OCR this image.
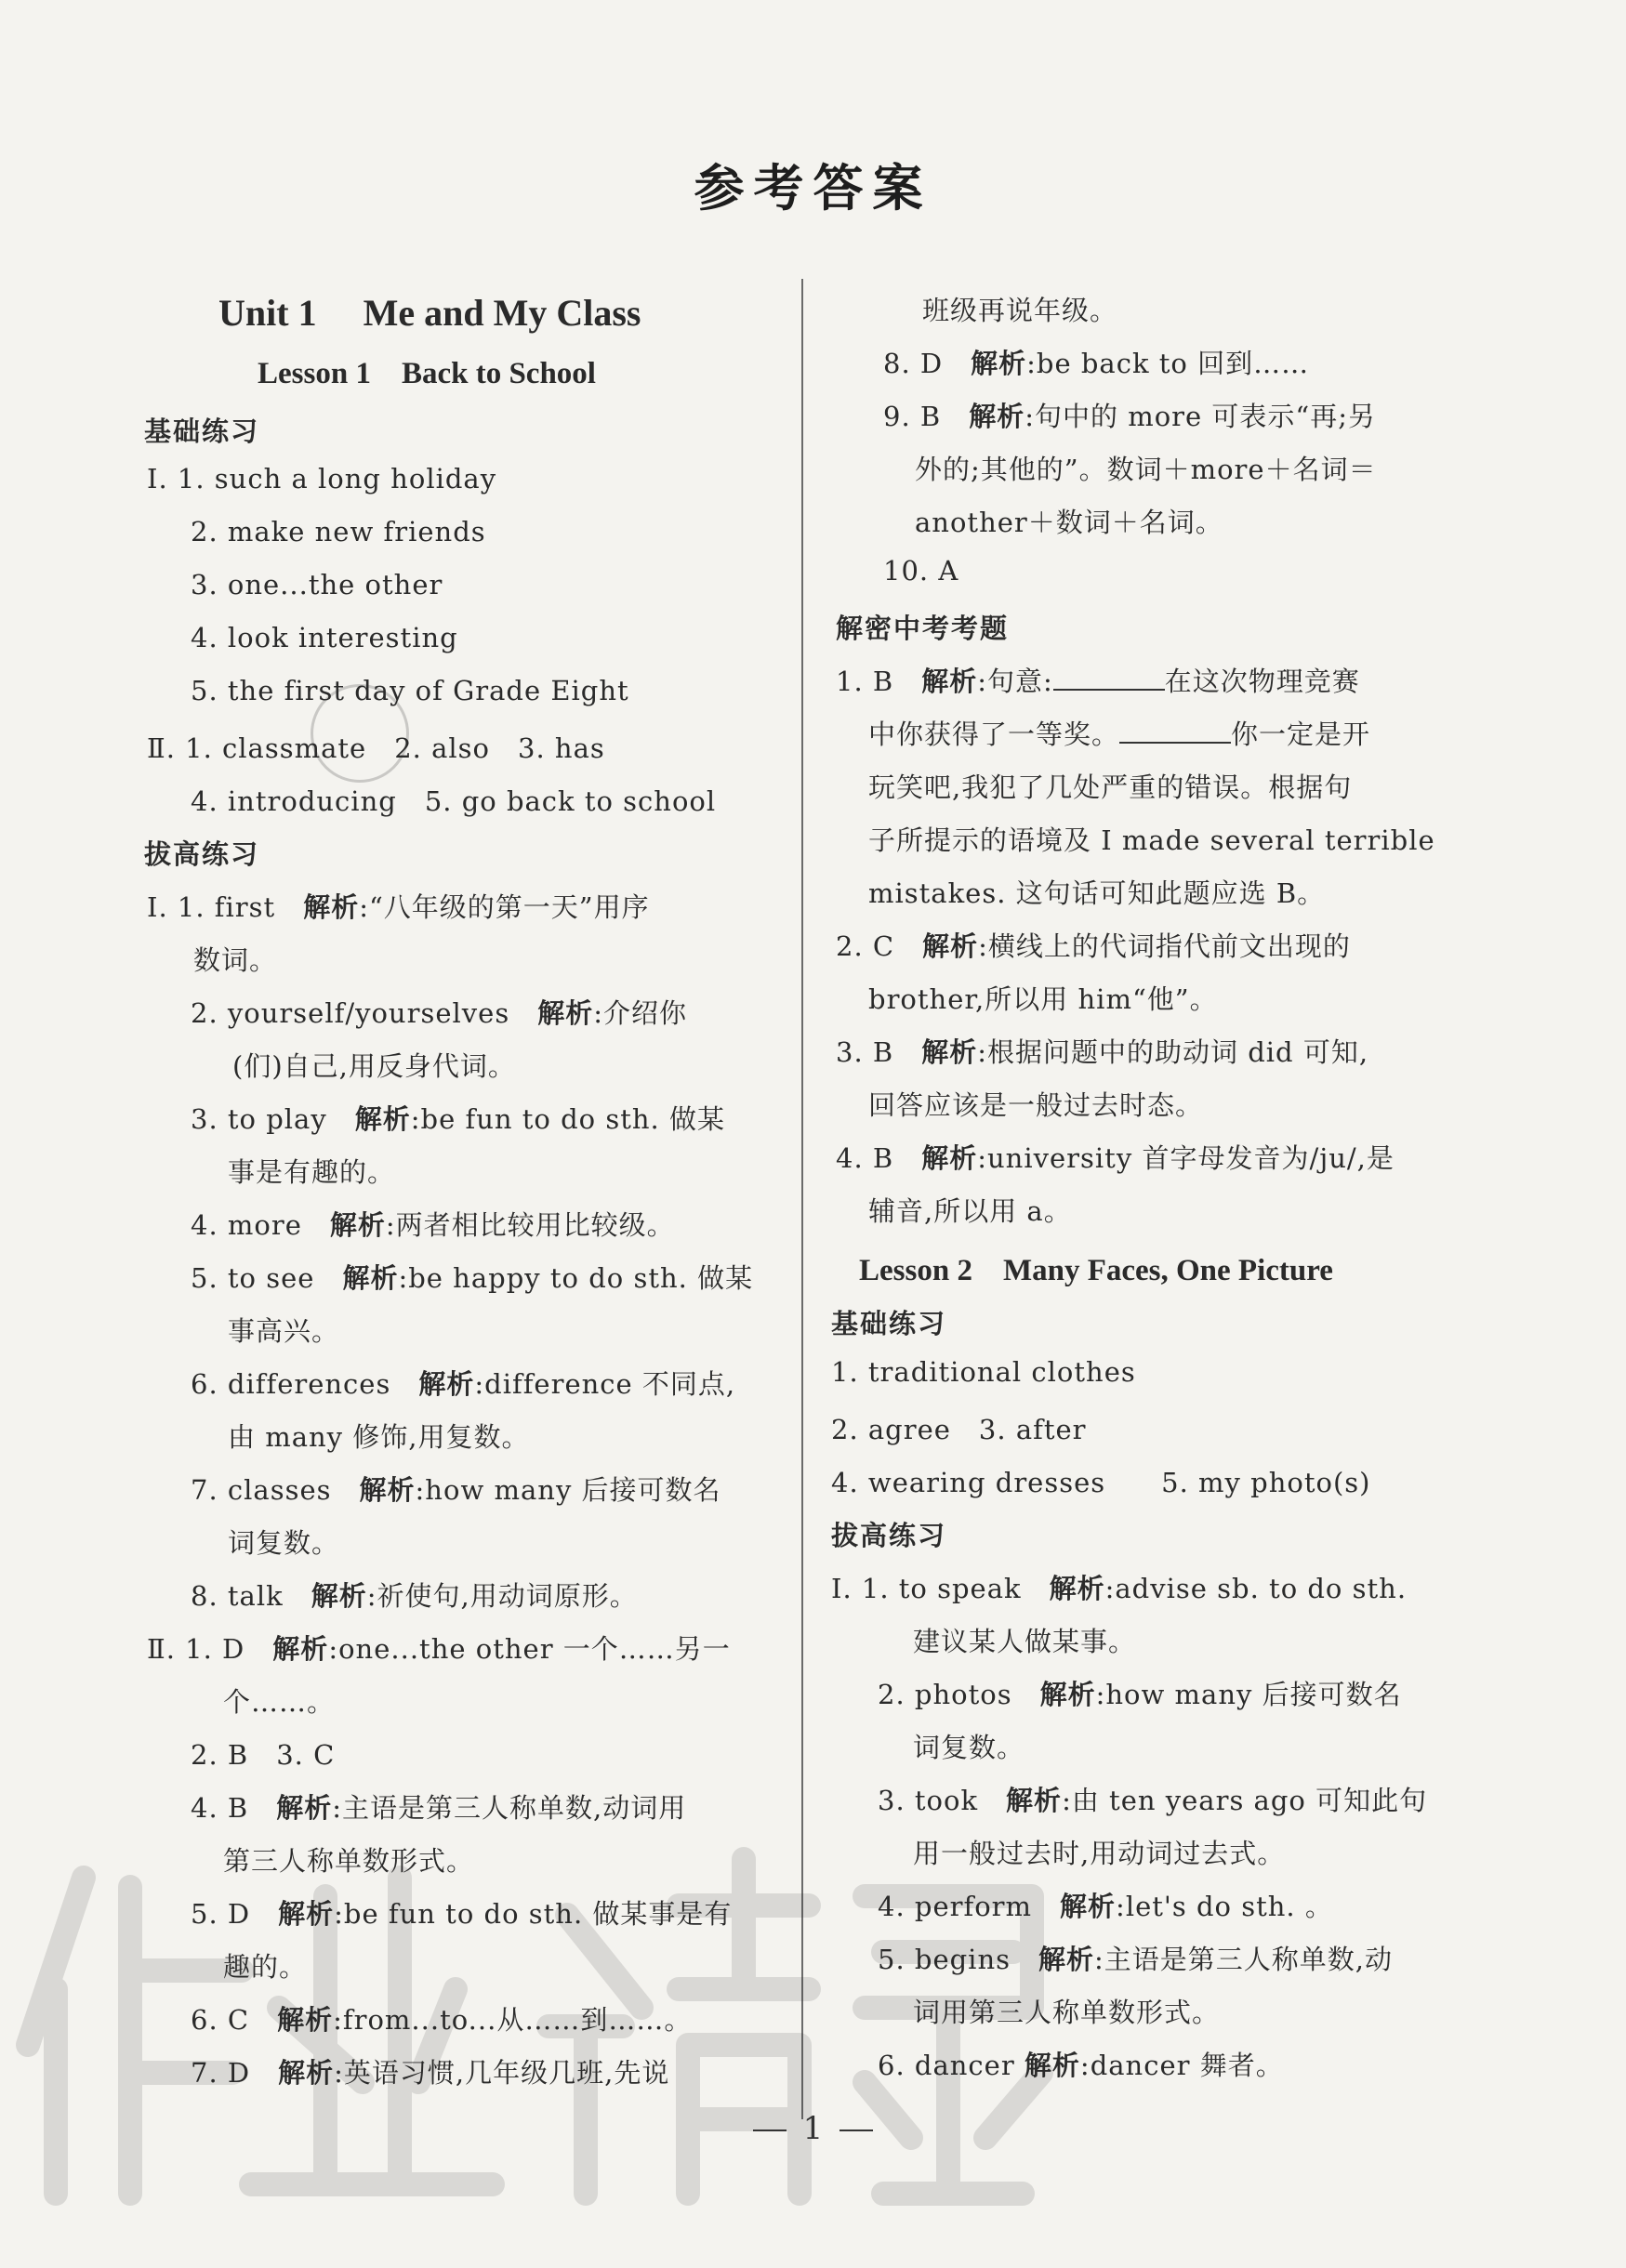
参考答案
Unit 1　 Me and My Class
Lesson 1　Back to School
基础练习
Ⅰ. 1. such a long holiday
2. make new friends
3. one...the other
4. look interesting
5. the first day of Grade Eight
Ⅱ. 1. classmate　2. also　3. has
4. introducing　5. go back to school
拔高练习
Ⅰ. 1. first　解析:“八年级的第一天”用序
数词。
2. yourself/yourselves　解析:介绍你
(们)自己,用反身代词。
3. to play　解析:be fun to do sth. 做某
事是有趣的。
4. more　解析:两者相比较用比较级。
5. to see　解析:be happy to do sth. 做某
事高兴。
6. differences　解析:difference 不同点,
由 many 修饰,用复数。
7. classes　解析:how many 后接可数名
词复数。
8. talk　解析:祈使句,用动词原形。
Ⅱ. 1. D　解析:one...the other 一个……另一
个……。
2. B　3. C
4. B　解析:主语是第三人称单数,动词用
第三人称单数形式。
5. D　解析:be fun to do sth. 做某事是有
趣的。
6. C　解析:from...to...从……到……。
7. D　解析:英语习惯,几年级几班,先说
班级再说年级。
8. D　解析:be back to 回到……
9. B　解析:句中的 more 可表示“再;另
外的;其他的”。数词＋more＋名词＝
another＋数词＋名词。
10. A
解密中考考题
1. B　解析:句意:	在这次物理竞赛
中你获得了一等奖。	你一定是开
玩笑吧,我犯了几处严重的错误。根据句
子所提示的语境及 I made several terrible
mistakes. 这句话可知此题应选 B。
2. C　解析:横线上的代词指代前文出现的
brother,所以用 him“他”。
3. B　解析:根据问题中的助动词 did 可知,
回答应该是一般过去时态。
4. B　解析:university 首字母发音为/ju/,是
辅音,所以用 a。
Lesson 2　Many Faces, One Picture
基础练习
1. traditional clothes
2. agree　3. after
4. wearing dresses　　5. my photo(s)
拔高练习
Ⅰ. 1. to speak　解析:advise sb. to do sth.
建议某人做某事。
2. photos　解析:how many 后接可数名
词复数。
3. took　解析:由 ten years ago 可知此句
用一般过去时,用动词过去式。
4. perform　解析:let's do sth. 。
5. begins　解析:主语是第三人称单数,动
词用第三人称单数形式。
6. dancer 解析:dancer 舞者。
1
